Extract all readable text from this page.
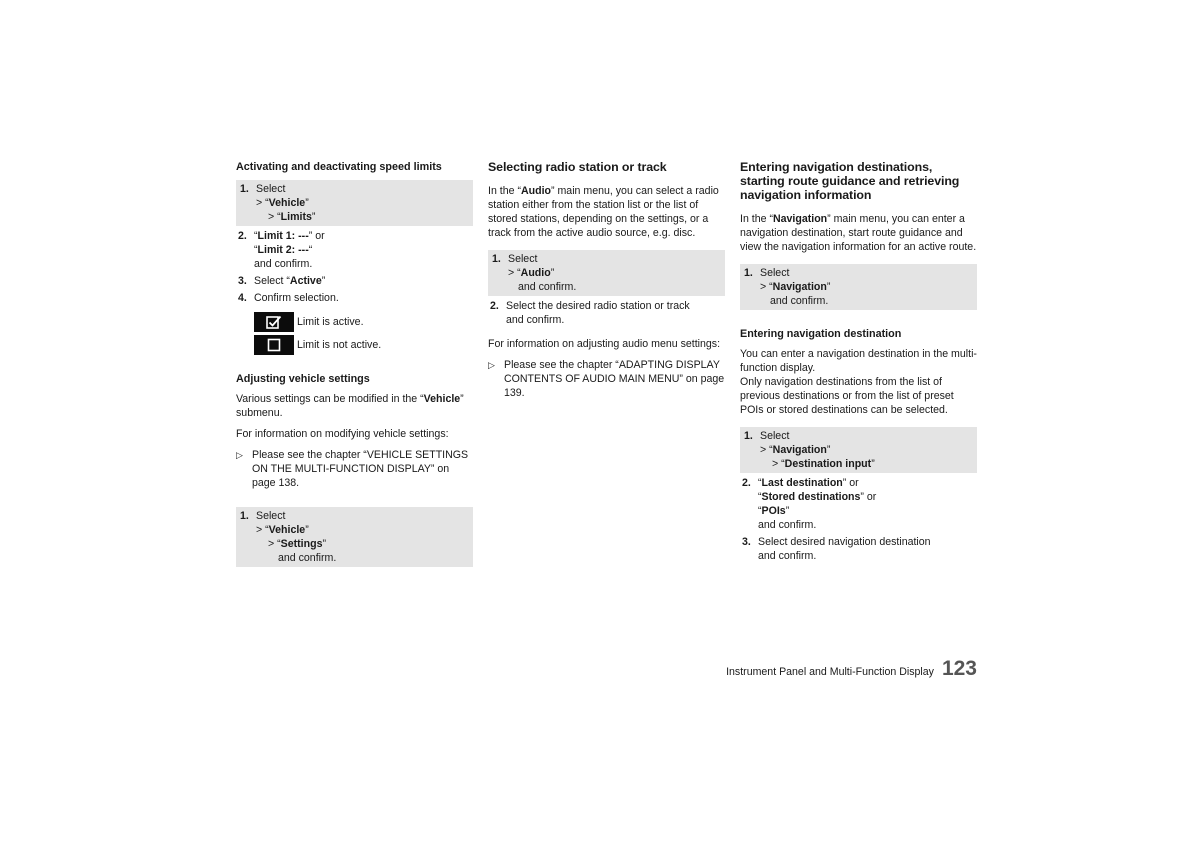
Activating and deactivating speed limits
1. Select
> “Vehicle”
> “Limits”
2. “Limit 1: ---” or
“Limit 2: ---“
and confirm.
3. Select “Active”
4. Confirm selection.
Limit is active.
Limit is not active.
Adjusting vehicle settings

Various settings can be modified in the “Vehicle” submenu.

For information on modifying vehicle settings:

▷ Please see the chapter “VEHICLE SETTINGS ON THE MULTI-FUNCTION DISPLAY” on page 138.
1. Select
> “Vehicle”
> “Settings”
and confirm.
Selecting radio station or track

In the “Audio” main menu, you can select a radio station either from the station list or the list of stored stations, depending on the settings, or a track from the active audio source, e.g. disc.

1. Select
> “Audio”
and confirm.
2. Select the desired radio station or track
and confirm.

For information on adjusting audio menu settings:

▷ Please see the chapter “ADAPTING DISPLAY CONTENTS OF AUDIO MAIN MENU” on page 139.
Entering navigation destinations, starting route guidance and retrieving navigation information

In the “Navigation” main menu, you can enter a navigation destination, start route guidance and view the navigation information for an active route.

1. Select
> “Navigation”
and confirm.
Entering navigation destination

You can enter a navigation destination in the multi-function display.

Only navigation destinations from the list of previous destinations or from the list of preset POIs or stored destinations can be selected.

1. Select
> “Navigation”
> “Destination input”
2. “Last destination” or
“Stored destinations” or
“POIs”
and confirm.
3. Select desired navigation destination
and confirm.
Instrument Panel and Multi-Function Display 123
